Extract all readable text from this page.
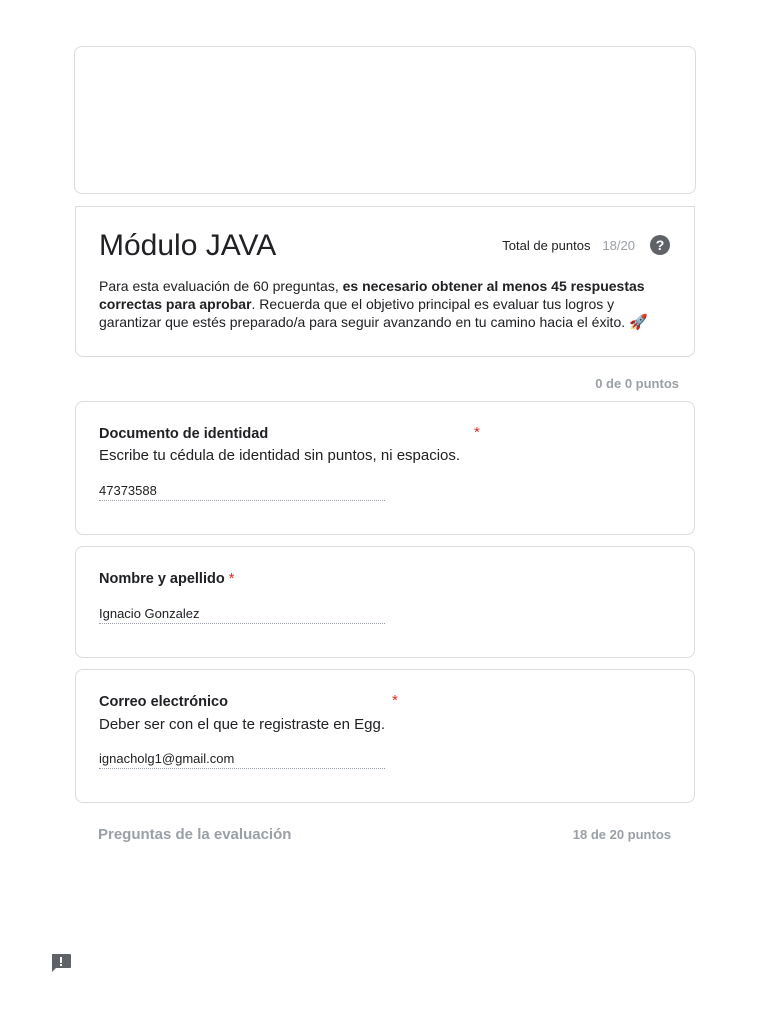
Módulo JAVA	Total de puntos 18/20	?
Para esta evaluación de 60 preguntas, es necesario obtener al menos 45 respuestas correctas para aprobar. Recuerda que el objetivo principal es evaluar tus logros y garantizar que estés preparado/a para seguir avanzando en tu camino hacia el éxito. 🚀
0 de 0 puntos
Documento de identidad	*
Escribe tu cédula de identidad sin puntos, ni espacios.
47373588
Nombre y apellido *
Ignacio Gonzalez
Correo electrónico	*
Deber ser con el que te registraste en Egg.
ignacholg1@gmail.com
Preguntas de la evaluación	18 de 20 puntos
